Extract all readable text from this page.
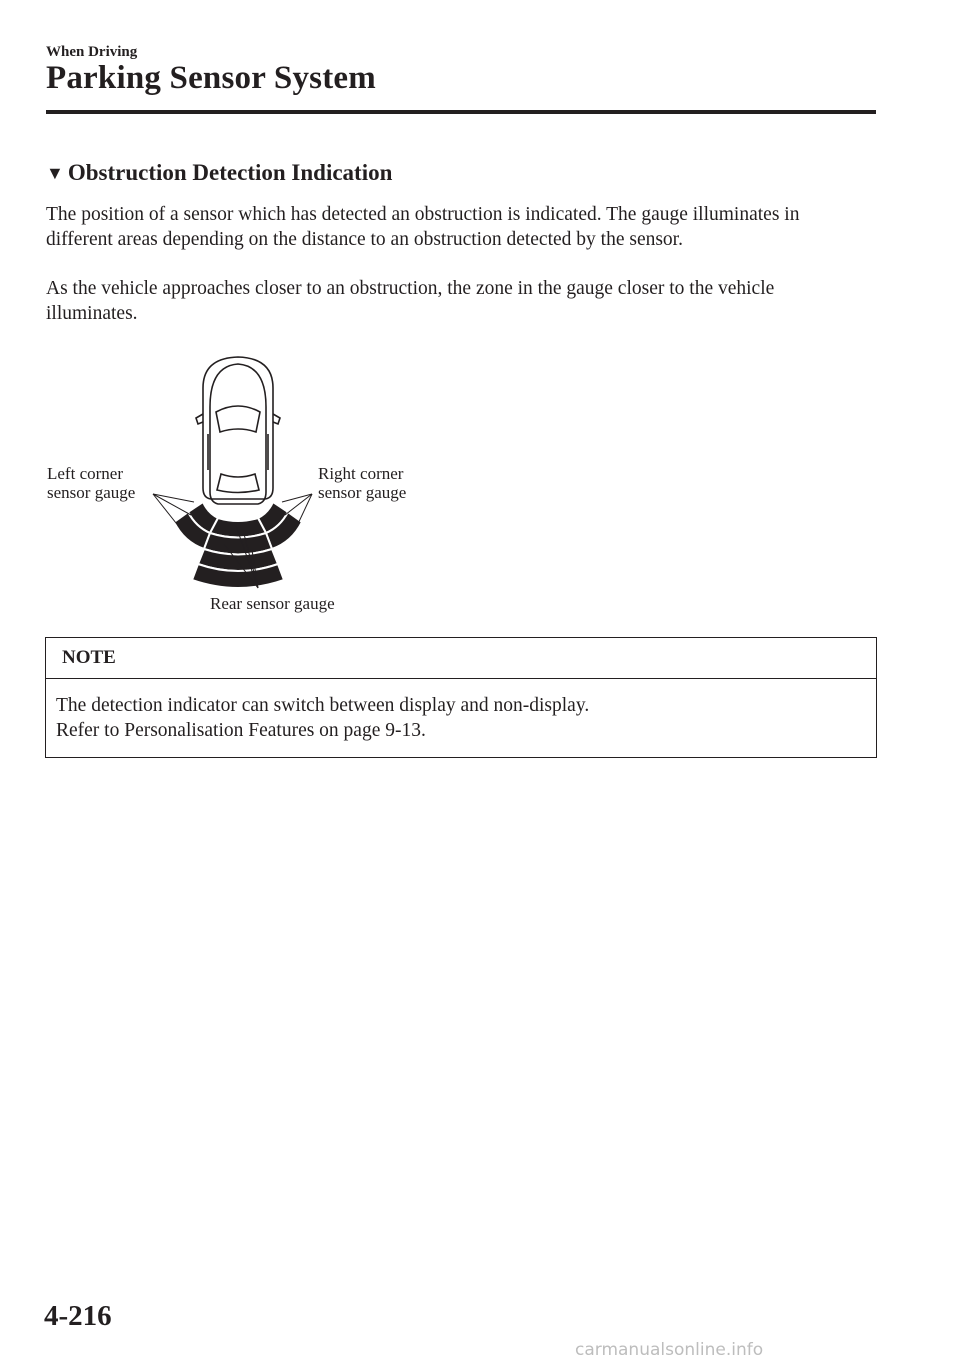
When Driving
Parking Sensor System
▼ Obstruction Detection Indication
The position of a sensor which has detected an obstruction is indicated. The gauge illuminates in different areas depending on the distance to an obstruction detected by the sensor.
As the vehicle approaches closer to an obstruction, the zone in the gauge closer to the vehicle illuminates.
Left corner
sensor gauge
Right corner
sensor gauge
Rear sensor gauge
NOTE
The detection indicator can switch between display and non-display.
Refer to Personalisation Features on page 9-13.
4-216
carmanualsonline.info
